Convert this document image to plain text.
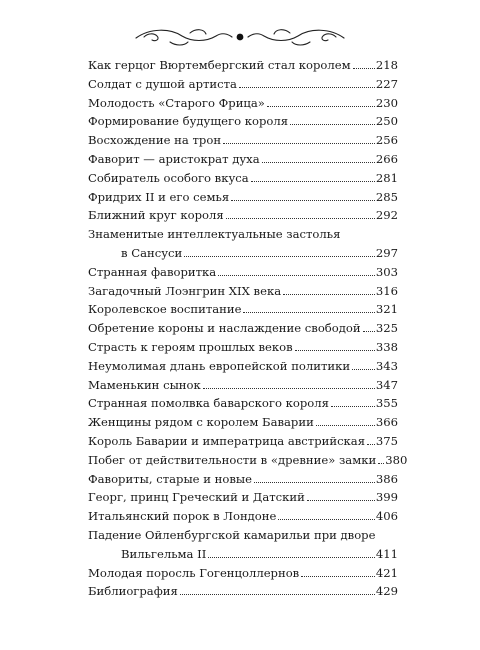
Как герцог Вюртембергский стал королем 218
Солдат с душой артиста	227
Молодость «Старого Фрица»	230
Формирование будущего короля	250
Восхождение на трон	256
Фаворит — аристократ духа	266
Собиратель особого вкуса	281
Фридрих II и его семья	285
Ближний круг короля	292
Знаменитые интеллектуальные застолья
в Сансуси	297
Странная фаворитка	303
Загадочный Лоэнгрин XIX века	316
Королевское воспитание	321
Обретение короны и наслаждение свободой 325
Страсть к героям прошлых веков	338
Неумолимая длань европейской политики 343
Маменькин сынок	347
Странная помолвка баварского короля	355
Женщины рядом с королем Баварии	366
Король Баварии и императрица австрийская 375
Побег от действительности в «древние» замки 380
Фавориты, старые и новые	386
Георг, принц Греческий и Датский	399
Итальянский порок в Лондоне	406
Падение Ойленбургской камарильи при дворе
Вильгельма II	411
Молодая поросль Гогенцоллернов	421
Библиография	429
